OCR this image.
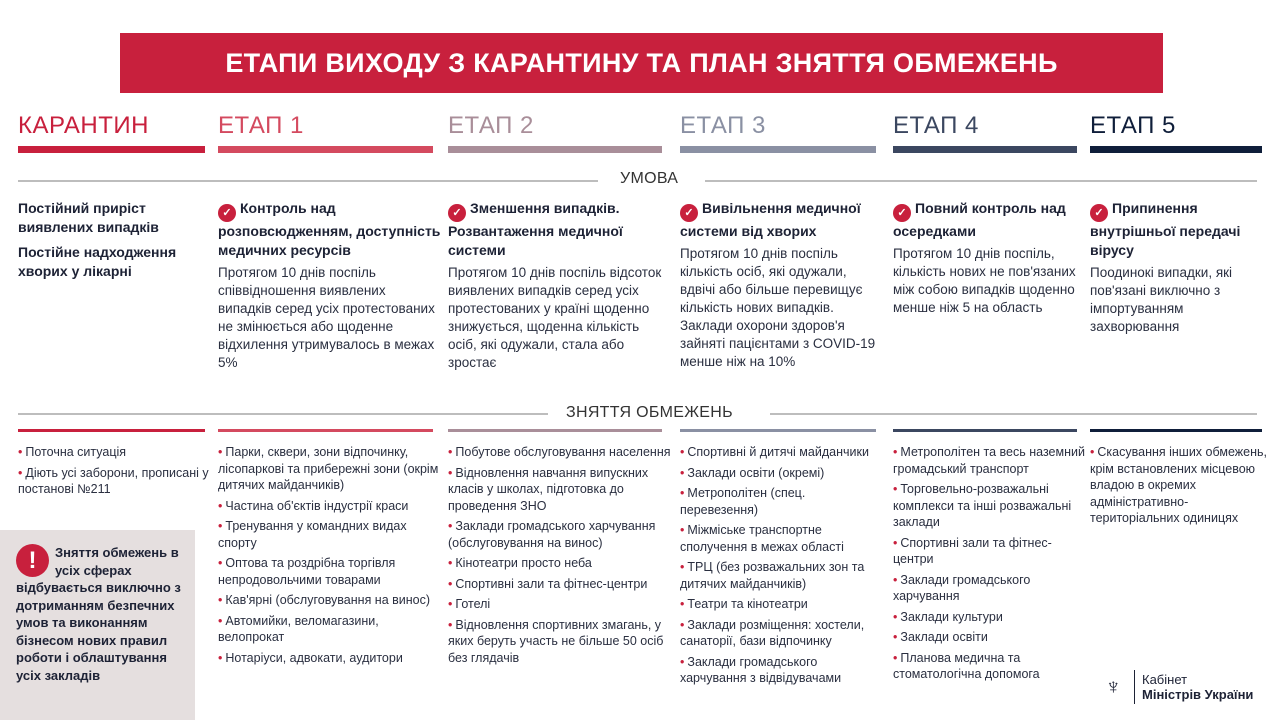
ЕТАПИ ВИХОДУ З КАРАНТИНУ ТА ПЛАН ЗНЯТТЯ ОБМЕЖЕНЬ
КАРАНТИН
Постійний приріст виявлених випадків
Постійне надходження хворих у лікарні
• Поточна ситуація
• Діють усі заборони, прописані у постанові №211
ЕТАП 1
✓ Контроль над розповсюдженням, доступність медичних ресурсів

Протягом 10 днів поспіль співвідношення виявлених випадків серед усіх протестованих не змінюється або щоденне відхилення утримувалось в межах 5%

• Парки, сквери, зони відпочинку, лісопаркові та прибережні зони (окрім дитячих майданчиків)
• Частина об'єктів індустрії краси
• Тренування у командних видах спорту
• Оптова та роздрібна торгівля непродовольчими товарами
• Кав'ярні (обслуговування на винос)
• Автомийки, веломагазини, велопрокат
• Нотаріуси, адвокати, аудитори
ЕТАП 2
✓ Зменшення випадків. Розвантаження медичної системи

Протягом 10 днів поспіль відсоток виявлених випадків серед усіх протестованих у країні щоденно знижується, щоденна кількість осіб, які одужали, стала або зростає

• Побутове обслуговування населення
• Відновлення навчання випускних класів у школах, підготовка до проведення ЗНО
• Заклади громадського харчування (обслуговування на винос)
• Кінотеатри просто неба
• Спортивні зали та фітнес-центри
• Готелі
• Відновлення спортивних змагань, у яких беруть участь не більше 50 осіб без глядачів
ЕТАП 3
✓ Вивільнення медичної системи від хворих

Протягом 10 днів поспіль кількість осіб, які одужали, вдвічі або більше перевищує кількість нових випадків. Заклади охорони здоров'я зайняті пацієнтами з COVID-19 менше ніж на 10%

• Спортивні й дитячі майданчики
• Заклади освіти (окремі)
• Метрополітен (спец. перевезення)
• Міжміське транспортне сполучення в межах області
• ТРЦ (без розважальних зон та дитячих майданчиків)
• Театри та кінотеатри
• Заклади розміщення: хостели, санаторії, бази відпочинку
• Заклади громадського харчування з відвідувачами
ЕТАП 4
✓ Повний контроль над осередками

Протягом 10 днів поспіль, кількість нових не пов'язаних між собою випадків щоденно менше ніж 5 на область

• Метрополітен та весь наземний громадський транспорт
• Торговельно-розважальні комплекси та інші розважальні заклади
• Спортивні зали та фітнес-центри
• Заклади громадського харчування
• Заклади культури
• Заклади освіти
• Планова медична та стоматологічна допомога
ЕТАП 5
✓ Припинення внутрішньої передачі вірусу

Поодинокі випадки, які пов'язані виключно з імпортуванням захворювання

• Скасування інших обмежень, крім встановлених місцевою владою в окремих адміністративно-територіальних одиницях
УМОВА
ЗНЯТТЯ ОБМЕЖЕНЬ
!	Зняття обмежень в усіх сферах відбувається виключно з дотриманням безпечних умов та виконанням бізнесом нових правил роботи і облаштування усіх закладів	♆	Кабінет
Міністрів України
